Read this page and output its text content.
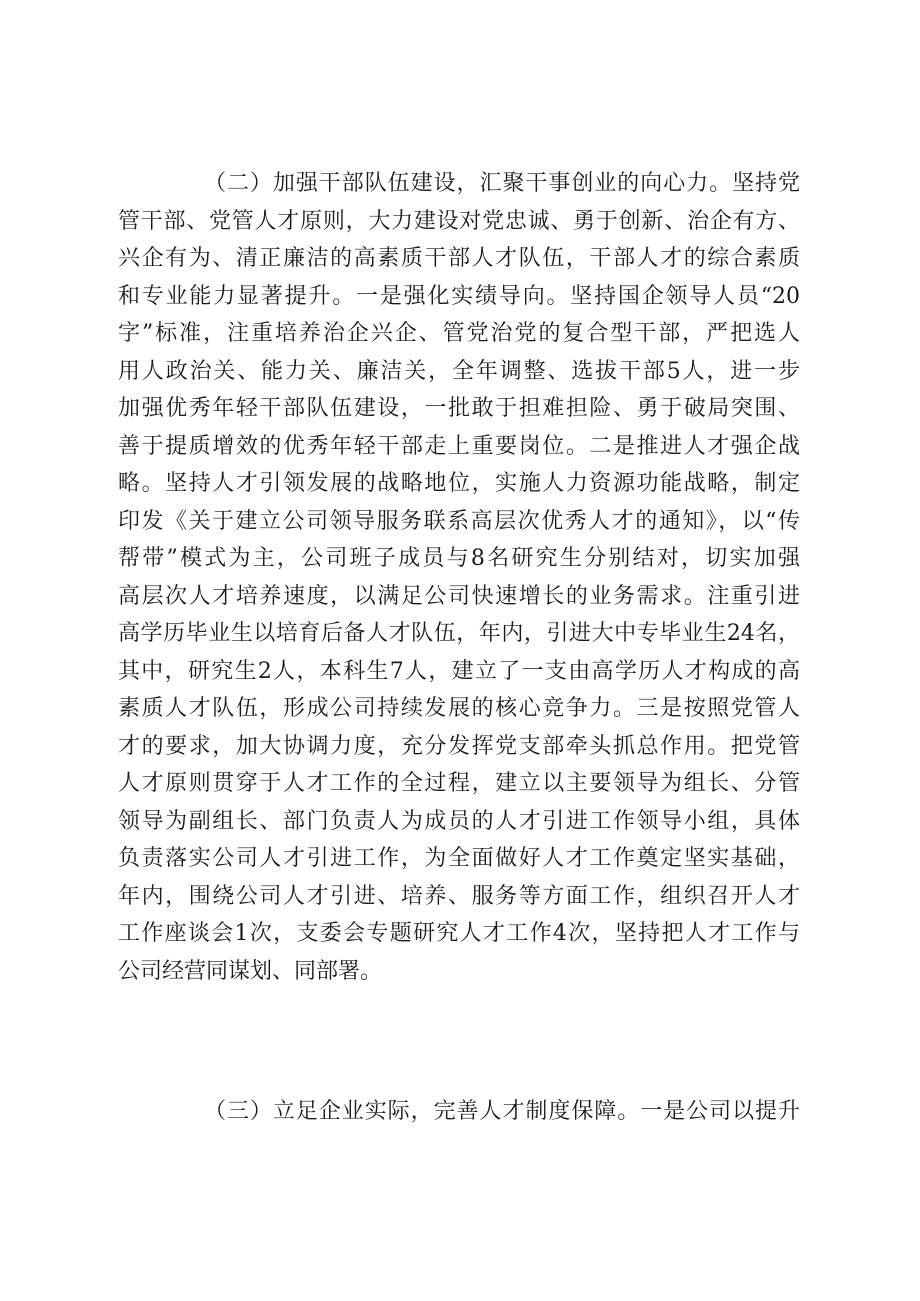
（二）加强干部队伍建设，汇聚干事创业的向心力。坚持党
管干部、党管人才原则，大力建设对党忠诚、勇于创新、治企有方、
兴企有为、清正廉洁的高素质干部人才队伍，干部人才的综合素质
和专业能力显著提升。一是强化实绩导向。坚持国企领导人员“20
字”标准，注重培养治企兴企、管党治党的复合型干部，严把选人
用人政治关、能力关、廉洁关，全年调整、选拔干部5人，进一步
加强优秀年轻干部队伍建设，一批敢于担难担险、勇于破局突围、
善于提质增效的优秀年轻干部走上重要岗位。二是推进人才强企战
略。坚持人才引领发展的战略地位，实施人力资源功能战略，制定
印发《关于建立公司领导服务联系高层次优秀人才的通知》，以“传
帮带”模式为主，公司班子成员与8名研究生分别结对，切实加强
高层次人才培养速度，以满足公司快速增长的业务需求。注重引进
高学历毕业生以培育后备人才队伍，年内，引进大中专毕业生24名，
其中，研究生2人，本科生7人，建立了一支由高学历人才构成的高
素质人才队伍，形成公司持续发展的核心竞争力。三是按照党管人
才的要求，加大协调力度，充分发挥党支部牵头抓总作用。把党管
人才原则贯穿于人才工作的全过程，建立以主要领导为组长、分管
领导为副组长、部门负责人为成员的人才引进工作领导小组，具体
负责落实公司人才引进工作，为全面做好人才工作奠定坚实基础，
年内，围绕公司人才引进、培养、服务等方面工作，组织召开人才
工作座谈会1次，支委会专题研究人才工作4次，坚持把人才工作与
公司经营同谋划、同部署。
（三）立足企业实际，完善人才制度保障。一是公司以提升
